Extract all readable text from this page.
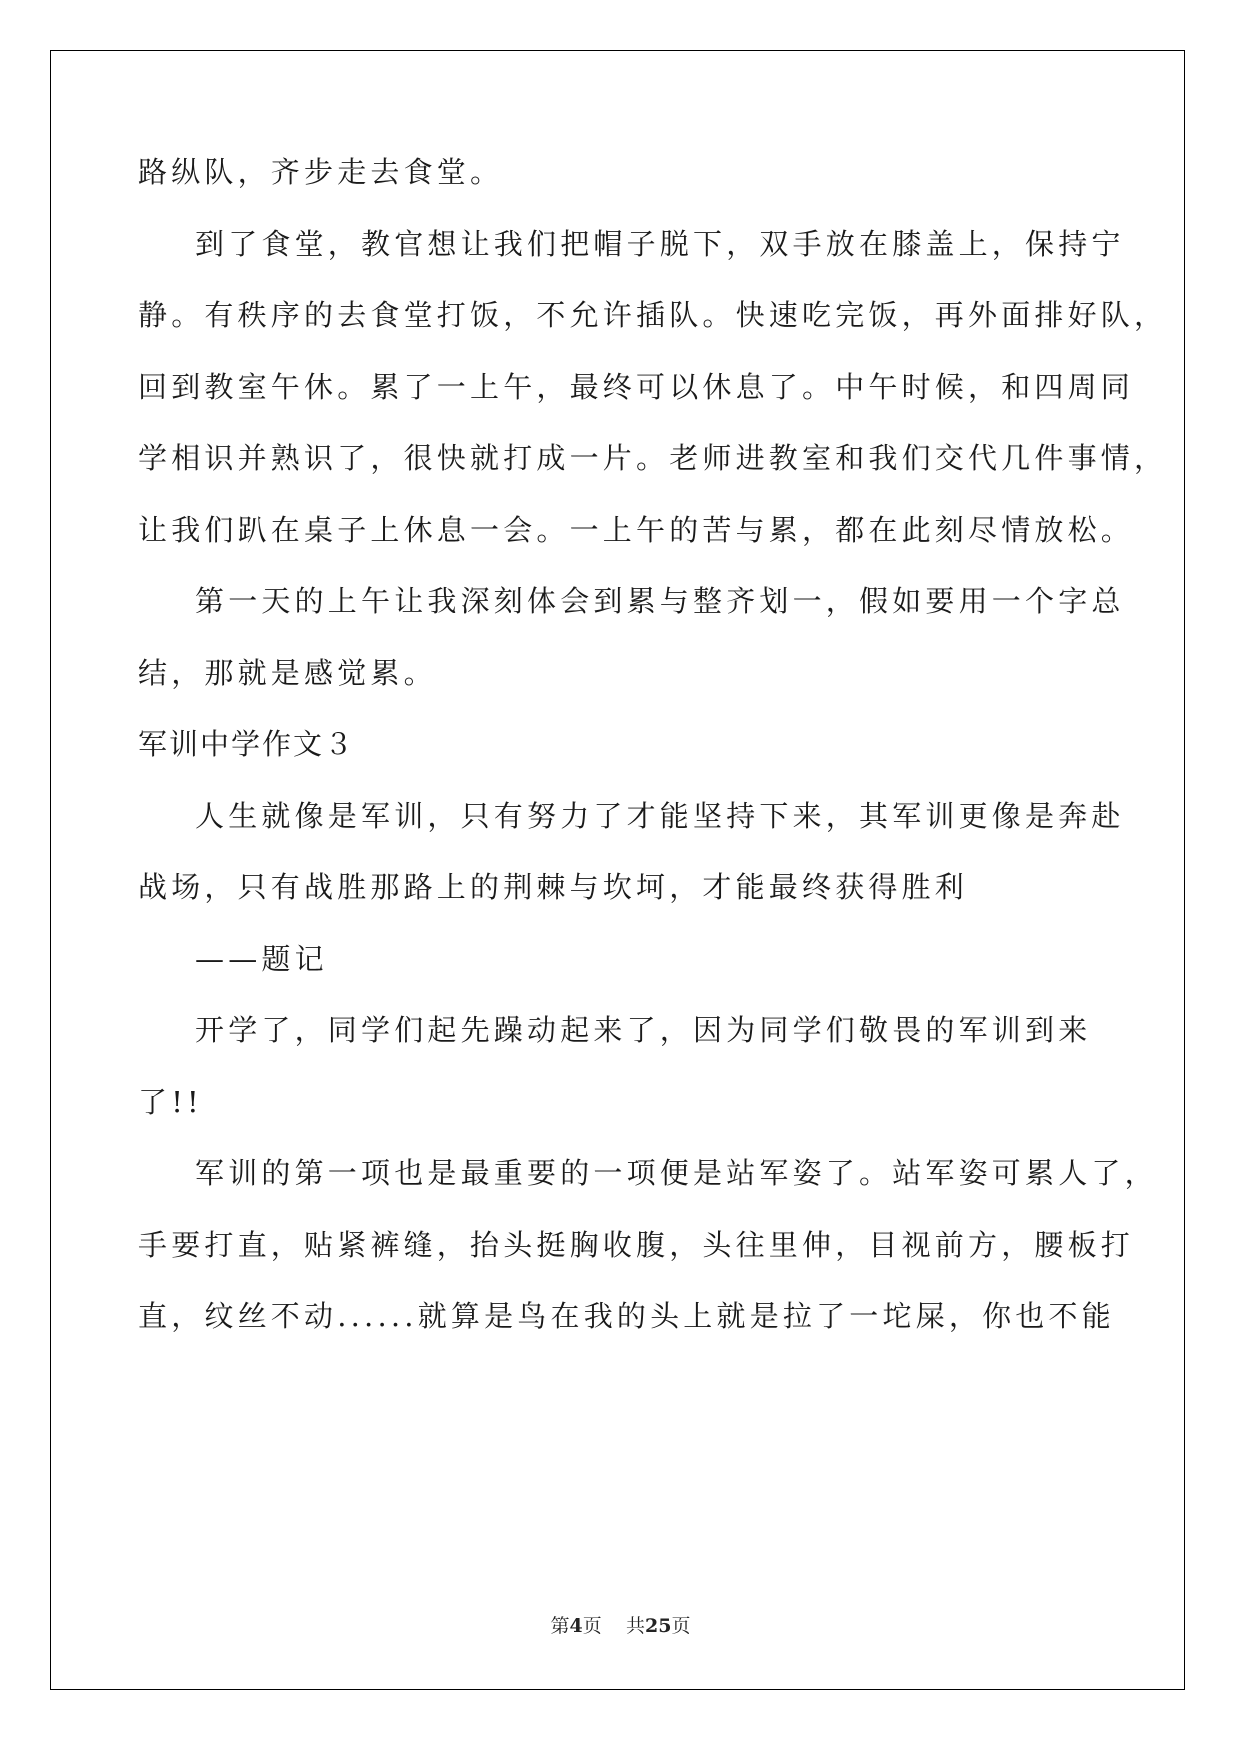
路纵队，齐步走去食堂。
到了食堂，教官想让我们把帽子脱下，双手放在膝盖上，保持宁
静。有秩序的去食堂打饭，不允许插队。快速吃完饭，再外面排好队，
回到教室午休。累了一上午，最终可以休息了。中午时候，和四周同
学相识并熟识了，很快就打成一片。老师进教室和我们交代几件事情，
让我们趴在桌子上休息一会。一上午的苦与累，都在此刻尽情放松。
第一天的上午让我深刻体会到累与整齐划一，假如要用一个字总
结，那就是感觉累。
军训中学作文３
人生就像是军训，只有努力了才能坚持下来，其军训更像是奔赴
战场，只有战胜那路上的荆棘与坎坷，才能最终获得胜利
——题记
开学了，同学们起先躁动起来了，因为同学们敬畏的军训到来
了!!
军训的第一项也是最重要的一项便是站军姿了。站军姿可累人了，
手要打直，贴紧裤缝，抬头挺胸收腹，头往里伸，目视前方，腰板打
直，纹丝不动......就算是鸟在我的头上就是拉了一坨屎，你也不能
第4页 共25页
